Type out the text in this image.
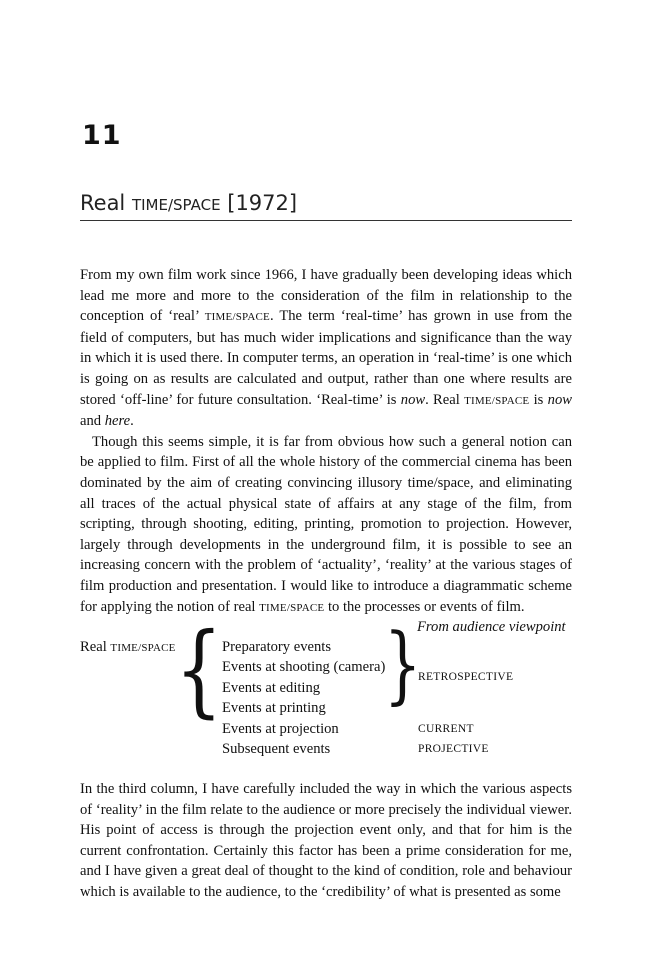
11
Real TIME/SPACE [1972]

From my own film work since 1966, I have gradually been developing ideas which lead me more and more to the consideration of the film in relationship to the conception of ‘real’ TIME/SPACE. The term ‘real-time’ has grown in use from the field of computers, but has much wider implications and significance than the way in which it is used there. In computer terms, an operation in ‘real-time’ is one which is going on as results are calculated and output, rather than one where results are stored ‘off-line’ for future consultation. ‘Real-time’ is now. Real TIME/SPACE is now and here.

Though this seems simple, it is far from obvious how such a general notion can be applied to film. First of all the whole history of the commercial cinema has been dominated by the aim of creating convincing illusory time/space, and eliminating all traces of the actual physical state of affairs at any stage of the film, from scripting, through shooting, editing, printing, promotion to projection. However, largely through developments in the underground film, it is possible to see an increasing concern with the problem of ‘actuality’, ‘reality’ at the various stages of film production and presentation. I would like to introduce a diagrammatic scheme for applying the notion of real TIME/SPACE to the processes or events of film.

From audience viewpoint
Real TIME/SPACE { Preparatory events
Events at shooting (camera)
Events at editing
Events at printing
Events at projection
Subsequent events
}
RETROSPECTIVE
CURRENT
PROJECTIVE

In the third column, I have carefully included the way in which the various aspects of ‘reality’ in the film relate to the audience or more precisely the individual viewer. His point of access is through the projection event only, and that for him is the current confrontation. Certainly this factor has been a prime consideration for me, and I have given a great deal of thought to the kind of condition, role and behaviour which is available to the audience, to the ‘credibility’ of what is presented as some
